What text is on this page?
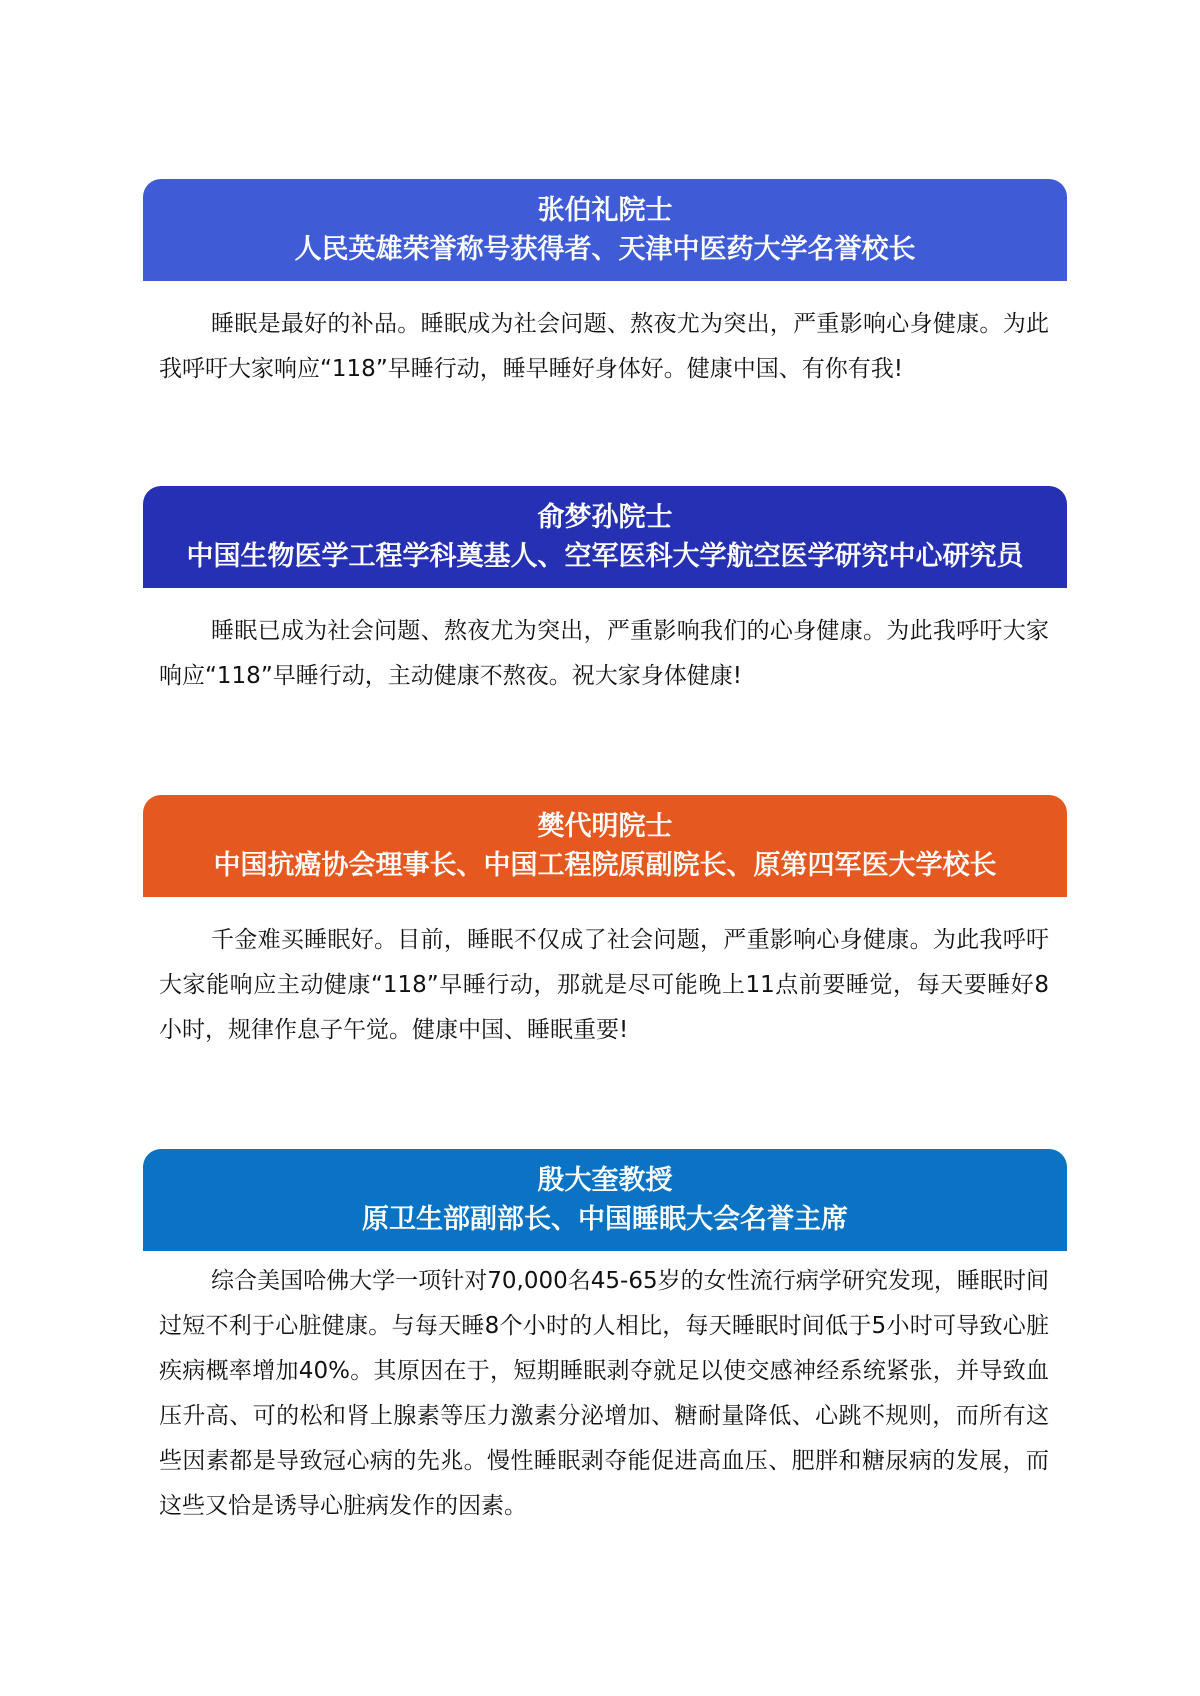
张伯礼院士
人民英雄荣誉称号获得者、天津中医药大学名誉校长

睡眠是最好的补品。睡眠成为社会问题、熬夜尤为突出，严重影响心身健康。为此我呼吁大家响应“118”早睡行动，睡早睡好身体好。健康中国、有你有我!

俞梦孙院士
中国生物医学工程学科奠基人、空军医科大学航空医学研究中心研究员

睡眠已成为社会问题、熬夜尤为突出，严重影响我们的心身健康。为此我呼吁大家响应“118”早睡行动，主动健康不熬夜。祝大家身体健康!

樊代明院士
中国抗癌协会理事长、中国工程院原副院长、原第四军医大学校长

千金难买睡眠好。目前，睡眠不仅成了社会问题，严重影响心身健康。为此我呼吁大家能响应主动健康“118”早睡行动，那就是尽可能晚上11点前要睡觉，每天要睡好8小时，规律作息子午觉。健康中国、睡眠重要!

殷大奎教授
原卫生部副部长、中国睡眠大会名誉主席

综合美国哈佛大学一项针对70,000名45-65岁的女性流行病学研究发现，睡眠时间过短不利于心脏健康。与每天睡8个小时的人相比，每天睡眠时间低于5小时可导致心脏疾病概率增加40%。其原因在于，短期睡眠剥夺就足以使交感神经系统紧张，并导致血压升高、可的松和肾上腺素等压力激素分泌增加、糖耐量降低、心跳不规则，而所有这些因素都是导致冠心病的先兆。慢性睡眠剥夺能促进高血压、肥胖和糖尿病的发展，而这些又恰是诱导心脏病发作的因素。
